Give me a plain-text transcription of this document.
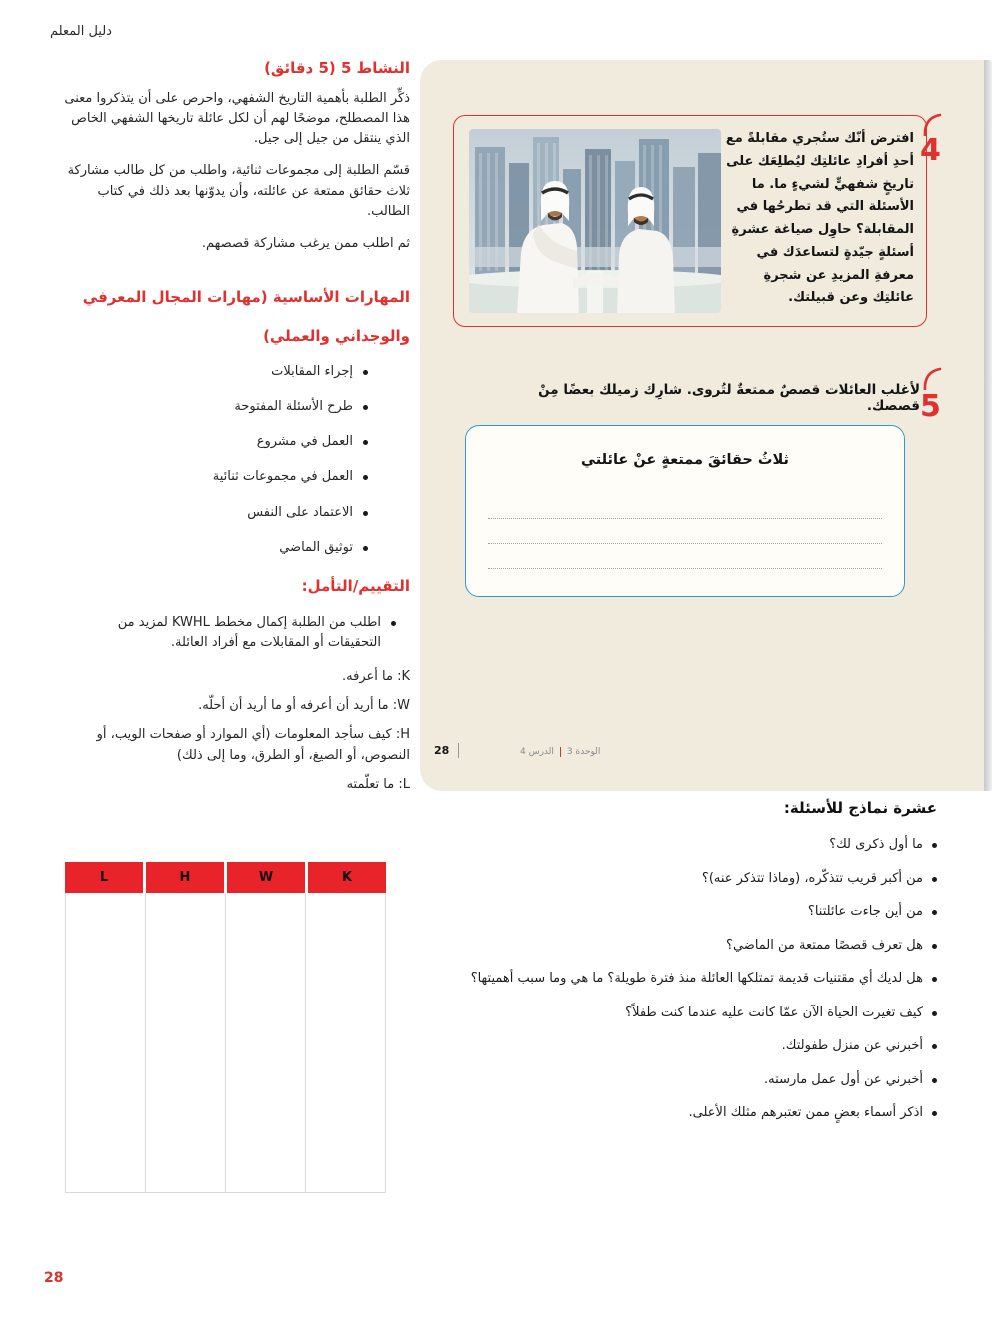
دليل المعلم
النشاط 5 (5 دقائق)

ذكِّر الطلبة بأهمية التاريخ الشفهي، واحرص على أن يتذكروا معنى هذا المصطلح، موضحًا لهم أن لكل عائلة تاريخها الشفهي الخاص الذي ينتقل من جيل إلى جيل.

قسّم الطلبة إلى مجموعات ثنائية، واطلب من كل طالب مشاركة ثلاث حقائق ممتعة عن عائلته، وأن يدوّنها بعد ذلك في كتاب الطالب.

ثم اطلب ممن يرغب مشاركة قصصهم.

المهارات الأساسية (مهارات المجال المعرفي والوجداني والعملي)
إجراء المقابلات
طرح الأسئلة المفتوحة
العمل في مشروع
العمل في مجموعات ثنائية
الاعتماد على النفس
توثيق الماضي
التقييم/التأمل:
اطلب من الطلبة إكمال مخطط KWHL لمزيد من التحقيقات أو المقابلات مع أفراد العائلة.

K: ما أعرفه.

W: ما أريد أن أعرفه أو ما أريد أن أحلّه.

H: كيف سأجد المعلومات (أي الموارد أو صفحات الويب، أو النصوص، أو الصيغ، أو الطرق، وما إلى ذلك)

L: ما تعلّمته

L	H	W	K
افترض أنّك ستُجري مقابلةً مع أحدِ أفرادِ عائلتِك ليُطلِعَك على تاريخٍ شفهيٍّ لشيءٍ ما. ما الأسئلة التي قد تطرحُها في المقابلة؟ حاوِل صياغة عشرةِ أسئلةٍ جيّدةٍ لتساعدَك في معرفةِ المزيدِ عن شجرةِ عائلتِك وعن قبيلتك.
4
لأغلب العائلات قصصٌ ممتعةٌ لتُروى. شارِك زميلك بعضًا مِنْ قصصك. 5
ثلاثُ حقائقَ ممتعةٍ عنْ عائلتي
28	الوحدة 3
الدرس 4
عشرة نماذج للأسئلة:
ما أول ذكرى لك؟
من أكبر قريب تتذكّره، (وماذا تتذكر عنه)؟
من أين جاءت عائلتنا؟
هل تعرف قصصًا ممتعة من الماضي؟
هل لديك أي مقتنيات قديمة تمتلكها العائلة منذ فترة طويلة؟ ما هي وما سبب أهميتها؟
كيف تغيرت الحياة الآن عمّا كانت عليه عندما كنت طفلاً؟
أخبرني عن منزل طفولتك.
أخبرني عن أول عمل مارسته.
اذكر أسماء بعضٍ ممن تعتبرهم مثلك الأعلى.
28
